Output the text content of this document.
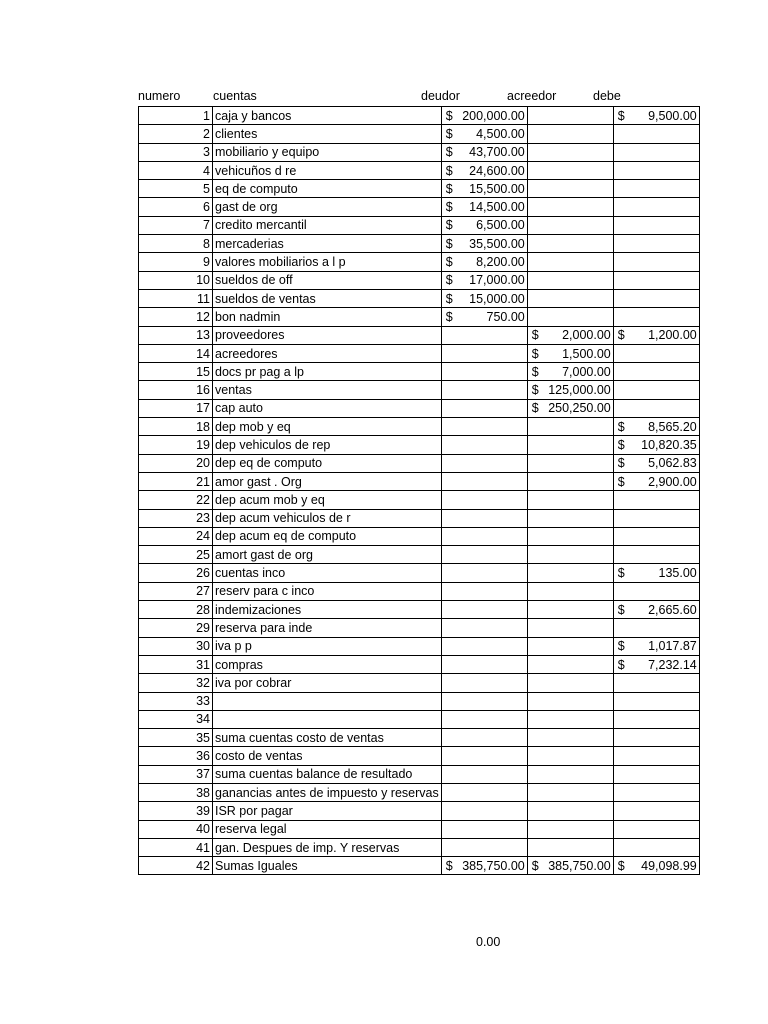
numero	cuentas	deudor	acreedor	debe
1	caja y bancos	$ 200,000.00		$ 9,500.00

2	clientes	$ 4,500.00		

3	mobiliario y equipo	$ 43,700.00		

4	vehicuños d re	$ 24,600.00		

5	eq de computo	$ 15,500.00		

6	gast de org	$ 14,500.00		

7	credito mercantil	$ 6,500.00		

8	mercaderias	$ 35,500.00		

9	valores mobiliarios a l p	$ 8,200.00		

10	sueldos de off	$ 17,000.00		

11	sueldos de ventas	$ 15,000.00		

12	bon nadmin	$ 750.00		

13	proveedores		$ 2,000.00	$ 1,200.00

14	acreedores		$ 1,500.00	

15	docs pr pag a lp		$ 7,000.00	

16	ventas		$ 125,000.00	

17	cap auto		$ 250,250.00	

18	dep mob y eq			$ 8,565.20

19	dep vehiculos de rep			$ 10,820.35

20	dep eq de computo			$ 5,062.83

21	amor gast . Org			$ 2,900.00

22	dep acum mob y eq			
23	dep acum vehiculos de r			
24	dep acum eq de computo			
25	amort gast de org			
26	cuentas inco			$ 135.00

27	reserv para c inco			
28	indemizaciones			$ 2,665.60

29	reserva para inde			
30	iva p p			$ 1,017.87

31	compras			$ 7,232.14

32	iva por cobrar			
33				
34				
35	suma cuentas costo de ventas			
36	costo de ventas			
37	suma cuentas balance de resultado			
38	ganancias antes de impuesto y reservas			
39	ISR por pagar			
40	reserva legal			
41	gan. Despues de imp. Y reservas			
42	Sumas Iguales	$ 385,750.00	$ 385,750.00	$ 49,098.99
0.00
